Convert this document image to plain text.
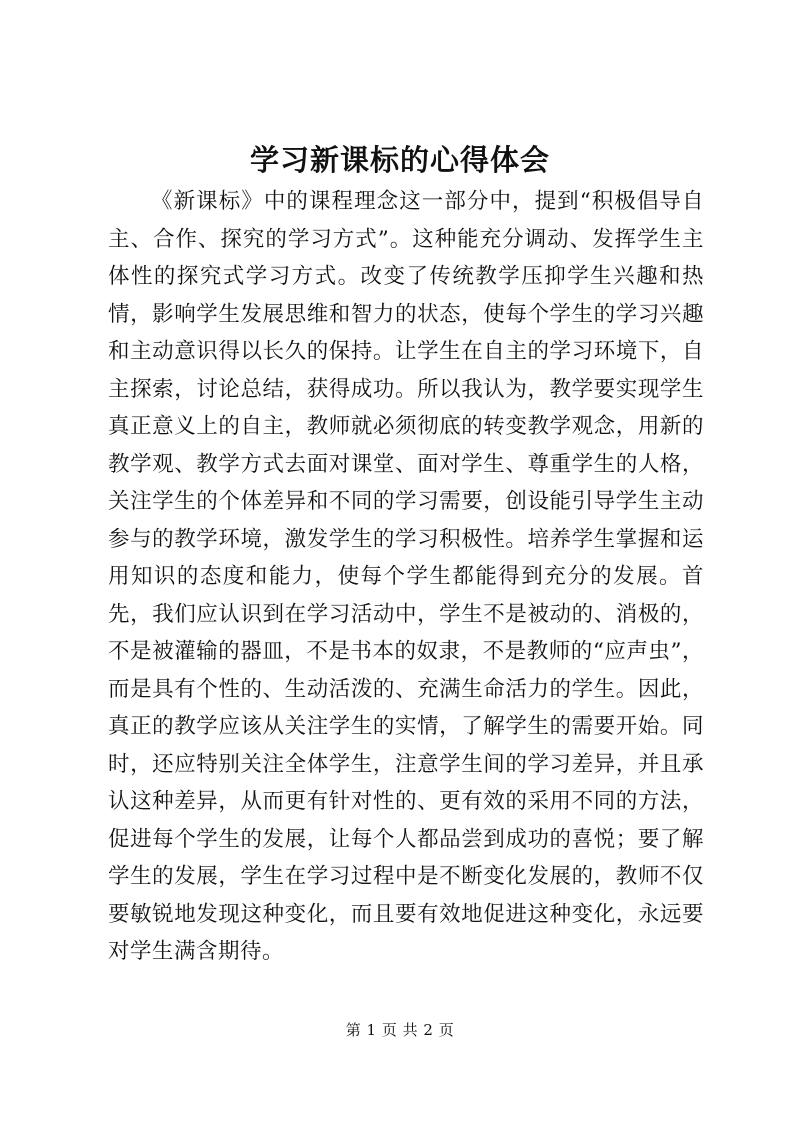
学习新课标的心得体会

《新课标》中的课程理念这一部分中，提到“积极倡导自主、合作、探究的学习方式”。这种能充分调动、发挥学生主体性的探究式学习方式。改变了传统教学压抑学生兴趣和热情，影响学生发展思维和智力的状态，使每个学生的学习兴趣和主动意识得以长久的保持。让学生在自主的学习环境下，自主探索，讨论总结，获得成功。所以我认为，教学要实现学生真正意义上的自主，教师就必须彻底的转变教学观念，用新的教学观、教学方式去面对课堂、面对学生、尊重学生的人格，关注学生的个体差异和不同的学习需要，创设能引导学生主动参与的教学环境，激发学生的学习积极性。培养学生掌握和运用知识的态度和能力，使每个学生都能得到充分的发展。首先，我们应认识到在学习活动中，学生不是被动的、消极的，不是被灌输的器皿，不是书本的奴隶，不是教师的“应声虫”，而是具有个性的、生动活泼的、充满生命活力的学生。因此，真正的教学应该从关注学生的实情，了解学生的需要开始。同时，还应特别关注全体学生，注意学生间的学习差异，并且承认这种差异，从而更有针对性的、更有效的采用不同的方法，促进每个学生的发展，让每个人都品尝到成功的喜悦；要了解学生的发展，学生在学习过程中是不断变化发展的，教师不仅要敏锐地发现这种变化，而且要有效地促进这种变化，永远要对学生满含期待。

第 1 页 共 2 页
